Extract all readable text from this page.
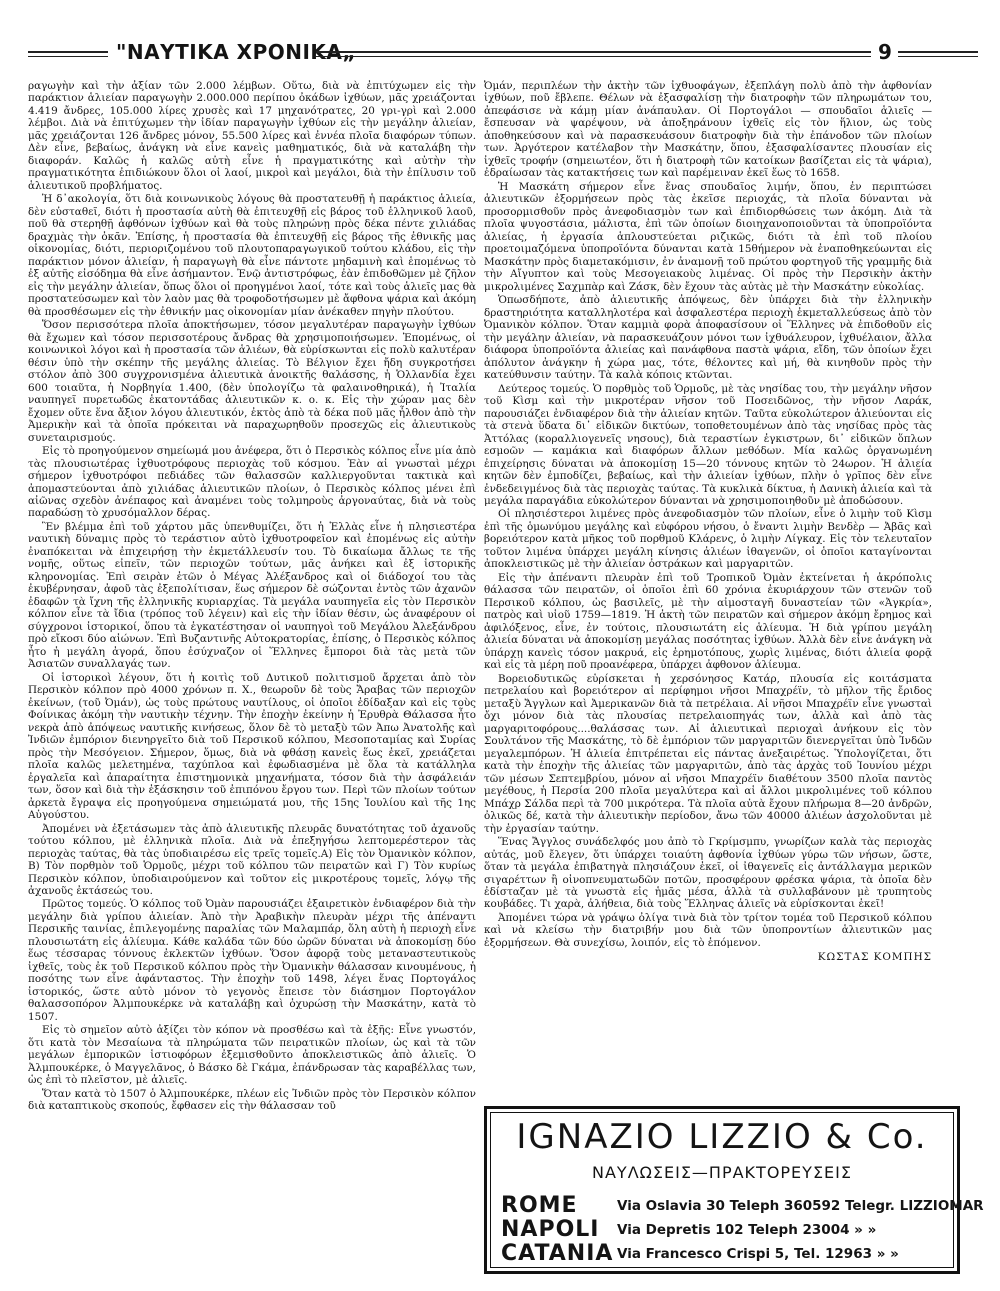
"ΝΑΥΤΙΚΑ ΧΡΟΝΙΚΑ„	9

ραγωγὴν καὶ τὴν ἀξίαν τῶν 2.000 λέμβων. Οὕτω, διὰ νὰ ἐπιτύχωμεν εἰς τὴν παράκτιον ἁλιείαν παραγωγὴν 2.000.000 περίπου ὀκάδων ἰχθύων, μᾶς χρειάζονται 4.419 ἄνδρες, 105.000 λίρες χρυσὲς καὶ 17 μηχανότρατες, 20 γρι-γρὶ καὶ 2.000 λέμβοι. Διὰ νὰ ἐπιτύχωμεν τὴν ἰδίαν παραγωγὴν ἰχθύων εἰς τὴν μεγάλην ἁλιείαν, μᾶς χρειάζονται 126 ἄνδρες μόνον, 55.500 λίρες καὶ ἐννέα πλοῖα διαφόρων τύπων. Δὲν εἶνε, βεβαίως, ἀνάγκη νὰ εἶνε κανεὶς μαθηματικός, διὰ νὰ καταλάβη τὴν διαφοράν. Καλῶς ἡ καλῶς αὐτὴ εἶνε ἡ πραγματικότης καὶ αὐτὴν τὴν πραγματικότητα ἐπιδιώκουν ὅλοι οἱ λαοί, μικροὶ καὶ μεγάλοι, διὰ τὴν ἐπίλυσιν τοῦ ἁλιευτικοῦ προβλήματος.

Ἡ δ᾿ακολογία, ὅτι διὰ κοινωνικοὺς λόγους θὰ προστατευθῇ ἡ παράκτιος ἁλιεία, δὲν εὐσταθεῖ, διότι ἡ προστασία αὐτὴ θὰ ἐπιτευχθῇ εἰς βάρος τοῦ ἑλληνικοῦ λαοῦ, ποῦ θὰ στερηθῇ ἀφθόνων ἰχθύων καὶ θὰ τοὺς πληρώνῃ πρὸς δέκα πέντε χιλιάδας δραχμὰς τὴν ὀκᾶν. Ἐπίσης, ἡ προστασία θὰ ἐπιτευχθῇ εἰς βάρος τῆς ἐθνικῆς μας οἰκονομίας, διότι, περιοριζομένου τοῦ πλουτοπαραγωγικοῦ τούτου κλάδου, εἰς τὴν παράκτιον μόνον ἁλιείαν, ἡ παραγωγὴ θὰ εἶνε πάντοτε μηδαμινὴ καὶ ἑπομένως τὸ ἐξ αὐτῆς εἰσόδημα θὰ εἶνε ἀσήμαντον. Ἐνῷ ἀντιστρόφως, ἐὰν ἐπιδοθῶμεν μὲ ζῆλον εἰς τὴν μεγάλην ἁλιείαν, ὅπως ὅλοι οἱ προηγμένοι λαοί, τότε καὶ τοὺς ἁλιεῖς μας θὰ προστατεύσωμεν καὶ τὸν λαὸν μας θὰ τροφοδοτήσωμεν μὲ ἄφθονα ψάρια καὶ ἀκόμη θὰ προσθέσωμεν εἰς τὴν ἐθνικήν μας οἰκονομίαν μίαν ἀνέκαθεν πηγὴν πλούτου.

Ὅσον περισσότερα πλοῖα ἀποκτήσωμεν, τόσον μεγαλυτέραν παραγωγὴν ἰχθύων θὰ ἔχωμεν καὶ τόσον περισσοτέρους ἄνδρας θὰ χρησιμοποιήσωμεν. Ἑπομένως, οἱ κοινωνικοὶ λόγοι καὶ ἡ προστασία τῶν ἁλιέων, θὰ εὑρίσκωνται εἰς πολὺ καλυτέραν θέσιν ὑπὸ τὴν σκέπην τῆς μεγάλης ἁλιείας. Τὸ Βέλγιον ἔχει ἤδη συγκροτήσει στόλον ἀπὸ 300 συγχρονισμένα ἁλιευτικὰ ἀνοικτῆς θαλάσσης, ἡ Ὁλλανδία ἔχει 600 τοιαῦτα, ἡ Νορβηγία 1.400, (δὲν ὑπολογίζω τὰ φαλαινοθηρικά), ἡ Ἰταλία ναυπηγεῖ πυρετωδῶς ἑκατοντάδας ἁλιευτικῶν κ. ο. κ. Εἰς τὴν χώραν μας δὲν ἔχομεν οὔτε ἕνα ἄξιον λόγου ἁλιευτικόν, ἐκτὸς ἀπὸ τὰ δέκα ποῦ μᾶς ἦλθον ἀπὸ τὴν Ἀμερικὴν καὶ τὰ ὁποῖα πρόκειται νὰ παραχωρηθοῦν προσεχῶς εἰς ἁλιευτικοὺς συνεταιρισμούς.

Εἰς τὸ προηγούμενον σημείωμά μου ἀνέφερα, ὅτι ὁ Περσικὸς κόλπος εἶνε μία ἀπὸ τὰς πλουσιωτέρας ἰχθυοτρόφους περιοχὰς τοῦ κόσμου. Ἐὰν αἱ γνωσταὶ μέχρι σήμερον ἰχθυοτρόφοι πεδιάδες τῶν θαλασσῶν καλλιεργοῦνται τακτικὰ καὶ ἀπομαστεύονται ἀπὸ χιλιάδας ἁλιευτικῶν πλοίων, ὁ Περσικὸς κόλπος μένει ἐπὶ αἰῶνας σχεδὸν ἀνέπαφος καὶ ἀναμένει τοὺς τολμηροὺς ἀργοναύτας, διὰ νὰ τοὺς παραδώσῃ τὸ χρυσόμαλλον δέρας.

Ἓν βλέμμα ἐπὶ τοῦ χάρτου μᾶς ὑπενθυμίζει, ὅτι ἡ Ἑλλὰς εἶνε ἡ πλησιεστέρα ναυτικὴ δύναμις πρὸς τὸ τεράστιον αὐτὸ ἰχθυοτροφεῖον καὶ ἑπομένως εἰς αὐτὴν ἐναπόκειται νὰ ἐπιχειρήσῃ τὴν ἐκμετάλλευσίν του. Τὸ δικαίωμα ἄλλως τε τῆς νομῆς, οὕτως εἰπεῖν, τῶν περιοχῶν τούτων, μᾶς ἀνήκει καὶ ἐξ ἱστορικῆς κληρονομίας. Ἐπὶ σειρὰν ἐτῶν ὁ Μέγας Ἀλέξανδρος καὶ οἱ διάδοχοί του τὰς ἐκυβέρνησαν, ἀφοῦ τὰς ἐξεπολίτισαν, ἕως σήμερον δὲ σώζονται ἐντὸς τῶν ἀχανῶν ἐδαφῶν τὰ ἴχνη τῆς ἑλληνικῆς κυριαρχίας. Τὰ μεγάλα ναυπηγεῖα εἰς τὸν Περσικὸν κόλπον εἶνε τὰ ἴδια (τρόπος τοῦ λέγειν) καὶ εἰς τὴν ἰδίαν θέσιν, ὡς ἀναφέρουν οἱ σύγχρονοι ἱστορικοί, ὅπου τὰ ἐγκατέστησαν οἱ ναυπηγοὶ τοῦ Μεγάλου Ἀλεξάνδρου πρὸ εἴκοσι δύο αἰώνων. Ἐπὶ Βυζαντινῆς Αὐτοκρατορίας, ἐπίσης, ὁ Περσικὸς κόλπος ἦτο ἡ μεγάλη ἀγορά, ὅπου ἐσύχναζον οἱ Ἕλληνες ἔμποροι διὰ τὰς μετὰ τῶν Ἀσιατῶν συναλλαγάς των.

Οἱ ἱστορικοὶ λέγουν, ὅτι ἡ κοιτὶς τοῦ Δυτικοῦ πολιτισμοῦ ἄρχεται ἀπὸ τὸν Περσικὸν κόλπον πρὸ 4000 χρόνων π. Χ., θεωροῦν δὲ τοὺς Ἄραβας τῶν περιοχῶν ἐκείνων, (τοῦ Ὀμάν), ὡς τοὺς πρώτους ναυτίλους, οἱ ὁποῖοι ἐδίδαξαν καὶ εἰς τοὺς Φοίνικας ἀκόμη τὴν ναυτικὴν τέχνην. Τὴν ἐποχὴν ἐκείνην ἡ Ἐρυθρὰ Θάλασσα ἦτο νεκρὰ ἀπὸ ἀπόψεως ναυτικῆς κινήσεως, ὅλον δὲ τὸ μεταξὺ τῶν Ἀπω Ἀνατολῆς καὶ Ἰνδιῶν ἐμπόριον διενηργεῖτο διὰ τοῦ Περσικοῦ κόλπου, Μεσοποταμίας καὶ Συρίας πρὸς τὴν Μεσόγειον. Σήμερον, ὅμως, διὰ νὰ φθάσῃ κανεὶς ἕως ἐκεῖ, χρειάζεται πλοῖα καλῶς μελετημένα, ταχύπλοα καὶ ἐφωδιασμένα μὲ ὅλα τὰ κατάλληλα ἐργαλεῖα καὶ ἀπαραίτητα ἐπιστημονικὰ μηχανήματα, τόσον διὰ τὴν ἀσφάλειάν των, ὅσον καὶ διὰ τὴν ἐξάσκησιν τοῦ ἐπιπόνου ἔργου των. Περὶ τῶν πλοίων τούτων ἀρκετὰ ἔγραψα εἰς προηγούμενα σημειώματά μου, τῆς 15ης Ἰουλίου καὶ τῆς 1ης Αὐγούστου.

Ἀπομένει νὰ ἐξετάσωμεν τὰς ἀπὸ ἁλιευτικῆς πλευρᾶς δυνατότητας τοῦ ἀχανοῦς τούτου κόλπου, μὲ ἑλληνικὰ πλοῖα. Διὰ νὰ ἐπεξηγήσω λεπτομερέστερον τὰς περιοχὰς ταύτας, θὰ τὰς ὑποδιαιρέσω εἰς τρεῖς τομεῖς.Α) Εἰς τὸν Ὀμανικὸν κόλπον, Β) Τὸν πορθμὸν τοῦ Ὁρμοῦς, μέχρι τοῦ κόλπου τῶν πειρατῶν καὶ Γ) Τὸν κυρίως Περσικὸν κόλπον, ὑποδιαιρούμενον καὶ τοῦτον εἰς μικροτέρους τομεῖς, λόγῳ τῆς ἀχανοῦς ἐκτάσεώς του.

Πρῶτος τομεύς. Ὁ κόλπος τοῦ Ὀμὰν παρουσιάζει ἐξαιρετικὸν ἐνδιαφέρον διὰ τὴν μεγάλην διὰ γρίπου ἁλιείαν. Ἀπὸ τὴν Ἀραβικὴν πλευρὰν μέχρι τῆς ἀπέναντι Περσικῆς ταινίας, ἐπιλεγομένης παραλίας τῶν Μαλαμπάρ, ὅλη αὐτὴ ἡ περιοχὴ εἶνε πλουσιωτάτη εἰς ἁλίευμα. Κάθε καλάδα τῶν δύο ὡρῶν δύναται νὰ ἀποκομίσῃ δύο ἕως τέσσαρας τόννους ἐκλεκτῶν ἰχθύων. Ὅσον ἀφορᾷ τοὺς μεταναστευτικοὺς ἰχθεῖς, τοὺς ἐκ τοῦ Περσικοῦ κόλπου πρὸς τὴν Ὀμανικὴν θάλασσαν κινουμένους, ἡ ποσότης των εἶνε ἀφάνταστος. Τὴν ἐποχὴν τοῦ 1498, λέγει ἕνας Πορτογάλος ἱστορικός, ὥστε αὐτὸ μόνον τὸ γεγονὸς ἔπεισε τὸν διάσημον Πορτογάλον θαλασσοπόρον Ἀλμπουκέρκε νὰ καταλάβῃ καὶ ὀχυρώσῃ τὴν Μασκάτην, κατὰ τὸ 1507.

Εἰς τὸ σημεῖον αὐτὸ ἀξίζει τὸν κόπον νὰ προσθέσω καὶ τὰ ἑξῆς: Εἶνε γνωστόν, ὅτι κατὰ τὸν Μεσαίωνα τὰ πληρώματα τῶν πειρατικῶν πλοίων, ὡς καὶ τὰ τῶν μεγάλων ἐμπορικῶν ἱστιοφόρων ἐξεμισθοῦντο ἀποκλειστικῶς ἀπὸ ἁλιεῖς. Ὁ Ἀλμπουκέρκε, ὁ Μαγγελᾶνος, ὁ Βάσκο δὲ Γκάμα, ἐπάνδρωσαν τὰς καραβέλλας των, ὡς ἐπὶ τὸ πλεῖστον, μὲ ἁλιεῖς.

Ὅταν κατὰ τὸ 1507 ὁ Ἀλμπουκέρκε, πλέων εἰς Ἰνδιῶν πρὸς τὸν Περσικὸν κόλπον διὰ καταπτικοὺς σκοπούς, ἔφθασεν εἰς τὴν θάλασσαν τοῦ

Ὀμάν, περιπλέων τὴν ἀκτὴν τῶν ἰχθυοφάγων, ἐξεπλάγη πολὺ ἀπὸ τὴν ἀφθονίαν ἰχθύων, ποῦ ἔβλεπε. Θέλων νὰ ἐξασφαλίσῃ τὴν διατροφὴν τῶν πληρωμάτων του, ἀπεφάσισε νὰ κάμῃ μίαν ἀνάπαυλαν. Οἱ Πορτογάλοι — σπουδαῖοι ἁλιεῖς — ἔσπευσαν νὰ ψαρέψουν, νὰ ἀποξηράνουν ἰχθεῖς εἰς τὸν ἥλιον, ὡς τοὺς ἀποθηκεύσουν καὶ νὰ παρασκευάσουν διατροφὴν διὰ τὴν ἐπάνοδον τῶν πλοίων των. Ἀργότερον κατέλαβον τὴν Μασκάτην, ὅπου, ἐξασφαλίσαντες πλουσίαν εἰς ἰχθεῖς τροφήν (σημειωτέον, ὅτι ἡ διατροφὴ τῶν κατοίκων βασίζεται εἰς τὰ ψάρια), ἐδραίωσαν τὰς κατακτήσεις των καὶ παρέμειναν ἐκεῖ ἕως τὸ 1658.

Ἡ Μασκάτη σήμερον εἶνε ἕνας σπουδαῖος λιμήν, ὅπου, ἐν περιπτώσει ἁλιευτικῶν ἐξορμήσεων πρὸς τὰς ἐκεῖσε περιοχάς, τὰ πλοῖα δύνανται νὰ προσορμισθοῦν πρὸς ἀνεφοδιασμὸν των καὶ ἐπιδιορθώσεις των ἀκόμη. Διὰ τὰ πλοῖα ψυγοστάσια, μάλιστα, ἐπὶ τῶν ὁποίων διοιηχανοποιοῦνται τὰ ὑποπροϊόντα ἁλιείας, ἡ ἐργασία ἁπλουστεύεται ριζικῶς, διότι τὰ ἐπὶ τοῦ πλοίου προετοιμαζόμενα ὑποπροϊόντα δύνανται κατὰ 15θήμερον νὰ ἐναποθηκεύωνται εἰς Μασκάτην πρὸς διαμετακόμισιν, ἐν ἀναμονῇ τοῦ πρώτου φορτηγοῦ τῆς γραμμῆς διὰ τὴν Αἴγυπτον καὶ τοὺς Μεσογειακοὺς λιμένας. Οἱ πρὸς τὴν Περσικὴν ἀκτὴν μικρολιμένες Σαχμπὰρ καὶ Ζάσκ, δὲν ἔχουν τὰς αὐτὰς μὲ τὴν Μασκάτην εὐκολίας.

Ὁπωσδήποτε, ἀπὸ ἁλιευτικῆς ἀπόψεως, δὲν ὑπάρχει διὰ τὴν ἑλληνικὴν δραστηριότητα καταλληλοτέρα καὶ ἀσφαλεστέρα περιοχὴ ἐκμεταλλεύσεως ἀπὸ τὸν Ὀμανικὸν κόλπον. Ὅταν καμμιὰ φορὰ ἀποφασίσουν οἱ Ἕλληνες νὰ ἐπιδοθοῦν εἰς τὴν μεγάλην ἁλιείαν, νὰ παρασκευάζουν μόνοι των ἰχθυάλευρον, ἰχθυέλαιον, ἄλλα διάφορα ὑποπροϊόντα ἁλιείας καὶ πανάφθονα παστὰ ψάρια, εἴδη, τῶν ὁποίων ἔχει ἀπόλυτον ἀνάγκην ἡ χώρα μας, τότε, θέλοντες καὶ μή, θὰ κινηθοῦν πρὸς τὴν κατεύθυνσιν ταύτην. Τὰ καλὰ κόποις κτῶνται.

Δεύτερος τομεύς. Ὁ πορθμὸς τοῦ Ὁρμοῦς, μὲ τὰς νησίδας του, τὴν μεγάλην νῆσον τοῦ Κὶσμ καὶ τὴν μικροτέραν νῆσον τοῦ Ποσειδῶνος, τὴν νῆσον Λαράκ, παρουσιάζει ἐνδιαφέρον διὰ τὴν ἁλιείαν κητῶν. Ταῦτα εὐκολώτερον ἁλιεύονται εἰς τὰ στενὰ ὕδατα δι᾿ εἰδικῶν δικτύων, τοποθετουμένων ἀπὸ τὰς νησίδας πρὸς τὰς Ἀττόλας (κοραλλιογενεῖς νησους), διὰ τεραστίων ἐγκιστρων, δι᾿ εἰδικῶν ὅπλων εσμοῶν — καμάκια καὶ διαφόρων ἄλλων μεθόδων. Μία καλῶς ὀργανωμένη ἐπιχείρησις δύναται νὰ ἀποκομίσῃ 15—20 τόννους κητῶν τὸ 24ωρον. Ἡ ἁλιεία κητῶν δὲν ἐμποδίζει, βεβαίως, καὶ τὴν ἁλιείαν ἰχθύων, πλὴν ὁ γρῖπος δὲν εἶνε ἐνδεδειγμένος διὰ τὰς περιοχὰς ταύτας. Τὰ κυκλικὰ δίκτυα, ἡ Δανικὴ ἁλιεία καὶ τὰ μεγάλα παραγάδια εὐκολώτερον δύνανται νὰ χρησιμοποιηθοῦν μὲ ἀποδώσουν.

Οἱ πλησιέστεροι λιμένες πρὸς ἀνεφοδιασμὸν τῶν πλοίων, εἶνε ὁ λιμὴν τοῦ Κὶσμ ἐπὶ τῆς ὁμωνύμου μεγάλης καὶ εὐφόρου νήσου, ὁ ἔναντι λιμὴν Βενδὲρ — Ἀβᾶς καὶ βορειότερον κατὰ μῆκος τοῦ πορθμοῦ Κλάρενς, ὁ λιμὴν Λίγκαχ. Εἰς τὸν τελευταῖον τοῦτον λιμένα ὑπάρχει μεγάλη κίνησις ἁλιέων ἰθαγενῶν, οἱ ὁποῖοι καταγίνονται ἀποκλειστικῶς μὲ τὴν ἁλιείαν ὀστράκων καὶ μαργαριτῶν.

Εἰς τὴν ἀπέναντι πλευρὰν ἐπὶ τοῦ Τροπικοῦ Ὀμὰν ἐκτείνεται ἡ ἀκρόπολις θάλασσα τῶν πειρατῶν, οἱ ὁποῖοι ἐπὶ 60 χρόνια ἐκυριάρχουν τῶν στενῶν τοῦ Περσικοῦ κόλπου, ὡς βασιλεῖς, μὲ τὴν αἰμοσταγῆ δυναστείαν τῶν «Ἀγκρία», πατρὸς καὶ υἱοῦ 1759—1819. Ἡ ἀκτὴ τῶν πειρατῶν καὶ σήμερον ἀκόμη ἔρημος καὶ ἀφιλόξενος, εἶνε, ἐν τούτοις, πλουσιωτάτη εἰς ἁλίευμα. Ἡ διὰ γρίπου μεγάλη ἁλιεία δύναται νὰ ἀποκομίσῃ μεγάλας ποσότητας ἰχθύων. Ἀλλὰ δὲν εἶνε ἀνάγκη νὰ ὑπάρχῃ κανεὶς τόσον μακρυά, εἰς ἐρημοτόπους, χωρὶς λιμένας, διότι ἁλιεία φορᾷ καὶ εἰς τὰ μέρη ποῦ προανέφερα, ὑπάρχει ἀφθονον ἁλίευμα.

Βορειοδυτικῶς εὑρίσκεται ἡ χερσόνησος Κατάρ, πλουσία εἰς κοιτάσματα πετρελαίου καὶ βορειότερον αἱ περίφημοι νῆσοι Μπαχρέϊν, τὸ μῆλον τῆς ἔριδος μεταξὺ Ἄγγλων καὶ Ἀμερικανῶν διὰ τὰ πετρέλαια. Αἱ νῆσοι Μπαχρέϊν εἶνε γνωσταὶ ὄχι μόνον διὰ τὰς πλουσίας πετρελαιοπηγάς των, ἀλλὰ καὶ ἀπὸ τὰς μαργαριτοφόρους....θαλάσσας των. Αἱ ἁλιευτικαὶ περιοχαὶ ἀνήκουν εἰς τὸν Σουλτάνον τῆς Μασκάτης, τὸ δὲ ἐμπόριον τῶν μαργαριτῶν διενεργεῖται ὑπὸ Ἰνδῶν μεγαλεμπόρων. Ἡ ἁλιεία ἐπιτρέπεται εἰς πάντας ἀνεξαιρέτως. Ὑπολογίζεται, ὅτι κατὰ τὴν ἐποχὴν τῆς ἁλιείας τῶν μαργαριτῶν, ἀπὸ τὰς ἀρχὰς τοῦ Ἰουνίου μέχρι τῶν μέσων Σεπτεμβρίου, μόνον αἱ νῆσοι Μπαχρέϊν διαθέτουν 3500 πλοῖα παντὸς μεγέθους, ἡ Περσία 200 πλοῖα μεγαλύτερα καὶ αἱ ἄλλοι μικρολιμένες τοῦ κόλπου Μπάχρ Σάλδα περὶ τὰ 700 μικρότερα. Τὰ πλοῖα αὐτὰ ἔχουν πλήρωμα 8—20 ἀνδρῶν, ὀλικῶς δέ, κατὰ τὴν ἁλιευτικὴν περίοδον, ἄνω τῶν 40000 ἁλιέων ἀσχολοῦνται μὲ τὴν ἐργασίαν ταύτην.

Ἕνας Ἄγγλος συνάδελφός μου ἀπὸ τὸ Γκρίμσμπυ, γνωρίζων καλὰ τὰς περιοχὰς αὐτάς, μοῦ ἔλεγεν, ὅτι ὑπάρχει τοιαύτη ἀφθονία ἰχθύων γύρω τῶν νήσων, ὥστε, ὅταν τὰ μεγάλα ἐπιβατηγὰ πλησιάζουν ἐκεῖ, οἱ ἰθαγενεῖς εἰς ἀντάλλαγμα μερικῶν σιγαρέττων ἢ οἰνοπνευματωδῶν ποτῶν, προσφέρουν φρέσκα ψάρια, τὰ ὁποῖα δὲν ἐδίσταζαν μὲ τὰ γνωστὰ εἰς ἡμᾶς μέσα, ἀλλὰ τὰ συλλαβάνουν μὲ τρυπητοὺς κουβάδες. Τι χαρὰ, ἀλήθεια, διὰ τοὺς Ἕλληνας ἁλιεῖς νὰ εὑρίσκονται ἐκεῖ!

Ἀπομένει τώρα νὰ γράψω ὀλίγα τινὰ διὰ τὸν τρίτον τομέα τοῦ Περσικοῦ κόλπου καὶ νὰ κλείσω τὴν διατριβήν μου διὰ τῶν ὑποπροντίων ἁλιευτικῶν μας ἐξορμήσεων. Θὰ συνεχίσω, λοιπόν, εἰς τὸ ἑπόμενον.

ΚΩΣΤΑΣ ΚΟΜΠΗΣ

IGNAZIO LIZZIO & Co.
ΝΑΥΛΩΣΕΙΣ—ΠΡΑΚΤΟΡΕΥΣΕΙΣ
ROME	Via Oslavia 30 Teleph 360592 Telegr. LIZZIOMAR
NAPOLI Via Depretis 102 Teleph 23004 » »
CATANIA Via Francesco Crispi 5, Tel. 12963 » »
